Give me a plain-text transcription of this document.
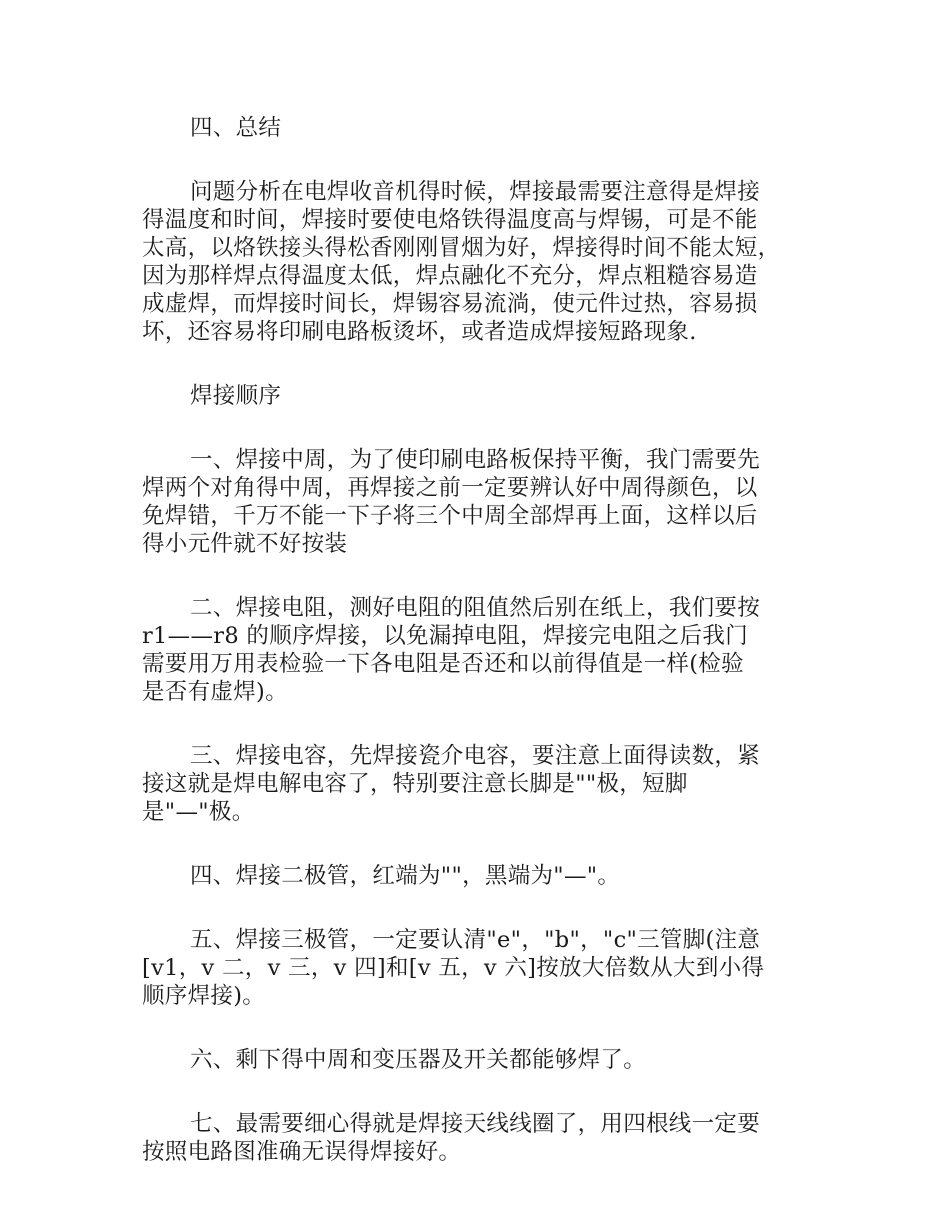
四、总结
问题分析在电焊收音机得时候，焊接最需要注意得是焊接
得温度和时间，焊接时要使电烙铁得温度高与焊锡，可是不能
太高，以烙铁接头得松香刚刚冒烟为好，焊接得时间不能太短，
因为那样焊点得温度太低，焊点融化不充分，焊点粗糙容易造
成虚焊，而焊接时间长，焊锡容易流淌，使元件过热，容易损
坏，还容易将印刷电路板烫坏，或者造成焊接短路现象.
焊接顺序
一、焊接中周，为了使印刷电路板保持平衡，我门需要先
焊两个对角得中周，再焊接之前一定要辨认好中周得颜色，以
免焊错，千万不能一下子将三个中周全部焊再上面，这样以后
得小元件就不好按装
二、焊接电阻，测好电阻的阻值然后别在纸上，我们要按
r1——r8 的顺序焊接，以免漏掉电阻，焊接完电阻之后我门
需要用万用表检验一下各电阻是否还和以前得值是一样(检验
是否有虚焊)。
三、焊接电容，先焊接瓷介电容，要注意上面得读数，紧
接这就是焊电解电容了，特别要注意长脚是""极，短脚
是"—"极。
四、焊接二极管，红端为""，黑端为"—"。
五、焊接三极管，一定要认清"e"，"b"，"c"三管脚(注意
[v1，v 二，v 三，v 四]和[v 五，v 六]按放大倍数从大到小得
顺序焊接)。
六、剩下得中周和变压器及开关都能够焊了。
七、最需要细心得就是焊接天线线圈了，用四根线一定要
按照电路图准确无误得焊接好。
